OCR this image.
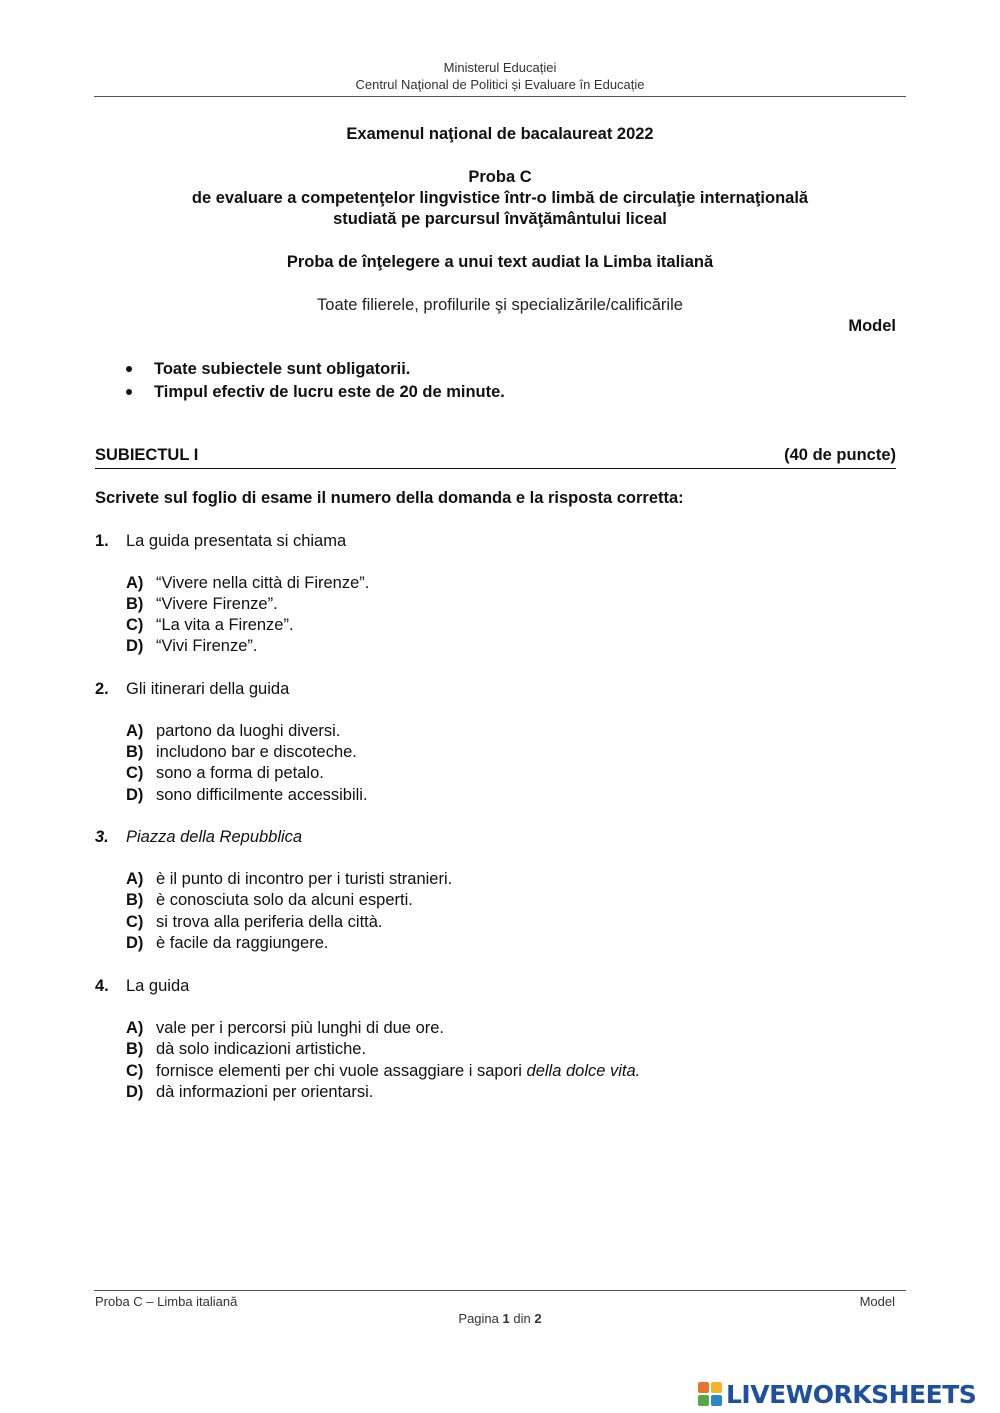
Ministerul Educației
Centrul Naţional de Politici și Evaluare în Educație
Examenul naţional de bacalaureat 2022
Proba C
de evaluare a competenţelor lingvistice într-o limbă de circulaţie internaţională
studiată pe parcursul învăţământului liceal
Proba de înţelegere a unui text audiat la Limba italiană
Toate filierele, profilurile şi specializările/calificările
Model
Toate subiectele sunt obligatorii.
Timpul efectiv de lucru este de 20 de minute.
SUBIECTUL I	(40 de puncte)
Scrivete sul foglio di esame il numero della domanda e la risposta corretta:
1. La guida presentata si chiama
A) “Vivere nella città di Firenze”.
B) “Vivere Firenze”.
C) “La vita a Firenze”.
D) “Vivi Firenze”.
2. Gli itinerari della guida
A) partono da luoghi diversi.
B) includono bar e discoteche.
C) sono a forma di petalo.
D) sono difficilmente accessibili.
3. Piazza della Repubblica
A) è il punto di incontro per i turisti stranieri.
B) è conosciuta solo da alcuni esperti.
C) si trova alla periferia della città.
D) è facile da raggiungere.
4. La guida
A) vale per i percorsi più lunghi di due ore.
B) dà solo indicazioni artistiche.
C) fornisce elementi per chi vuole assaggiare i sapori della dolce vita.
D) dà informazioni per orientarsi.
Proba C – Limba italiană	Model
Pagina 1 din 2
LIVEWORKSHEETS
